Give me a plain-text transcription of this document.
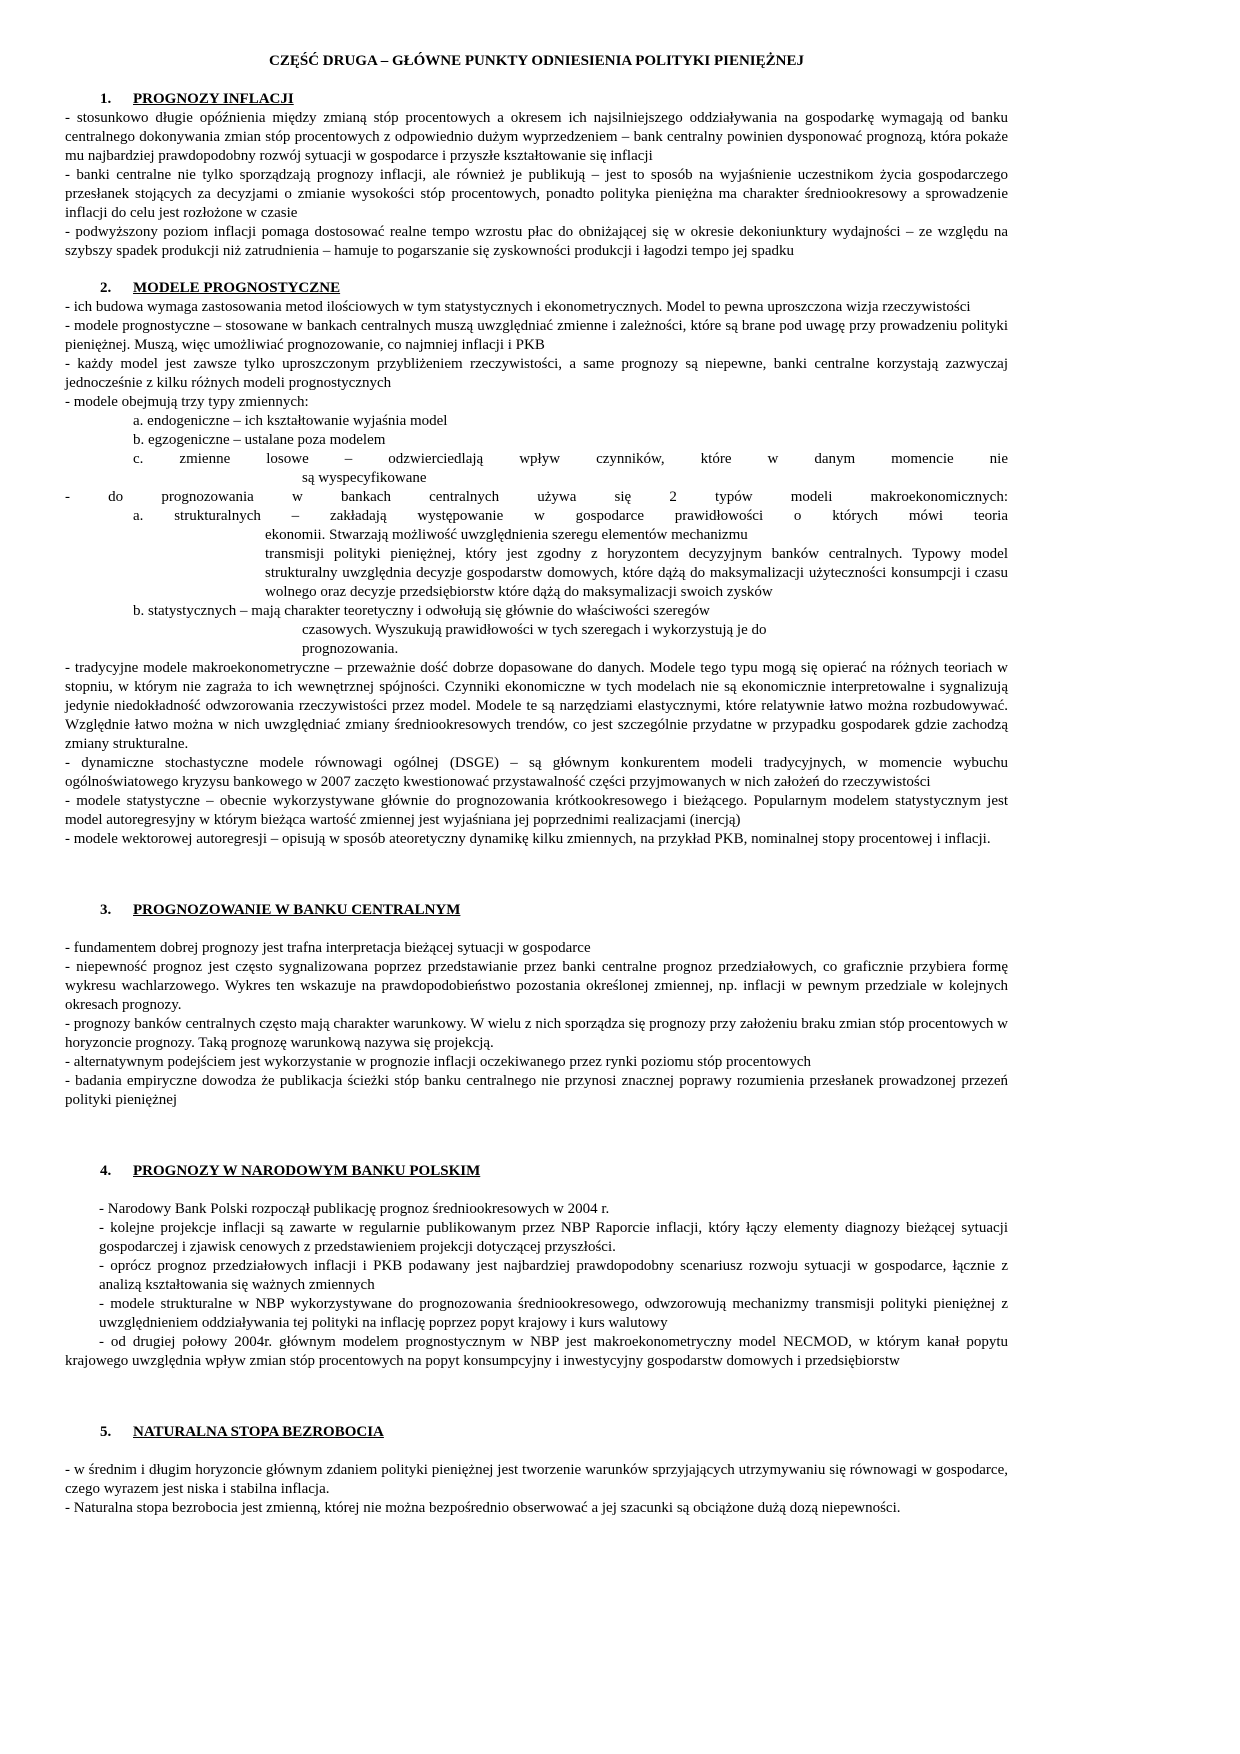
CZĘŚĆ DRUGA – GŁÓWNE PUNKTY ODNIESIENIA POLITYKI PIENIĘŻNEJ
1.	PROGNOZY INFLACJI

- stosunkowo długie opóźnienia między zmianą stóp procentowych a okresem ich najsilniejszego oddziaływania na gospodarkę wymagają od banku centralnego dokonywania zmian stóp procentowych z odpowiednio dużym wyprzedzeniem – bank centralny powinien dysponować prognozą, która pokaże mu najbardziej prawdopodobny rozwój sytuacji w gospodarce i przyszłe kształtowanie się inflacji

- banki centralne nie tylko sporządzają prognozy inflacji, ale również je publikują – jest to sposób na wyjaśnienie uczestnikom życia gospodarczego przesłanek stojących za decyzjami o zmianie wysokości stóp procentowych, ponadto polityka pieniężna ma charakter średniookresowy a sprowadzenie inflacji do celu jest rozłożone w czasie

- podwyższony poziom inflacji pomaga dostosować realne tempo wzrostu płac do obniżającej się w okresie dekoniunktury wydajności – ze względu na szybszy spadek produkcji niż zatrudnienia – hamuje to pogarszanie się zyskowności produkcji i łagodzi tempo jej spadku

2.	MODELE PROGNOSTYCZNE

- ich budowa wymaga zastosowania metod ilościowych w tym statystycznych i ekonometrycznych. Model to pewna uproszczona wizja rzeczywistości

- modele prognostyczne – stosowane w bankach centralnych muszą uwzględniać zmienne i zależności, które są brane pod uwagę przy prowadzeniu polityki pieniężnej. Muszą, więc umożliwiać prognozowanie, co najmniej inflacji i PKB

- każdy model jest zawsze tylko uproszczonym przybliżeniem rzeczywistości, a same prognozy są niepewne, banki centralne korzystają zazwyczaj jednocześnie z kilku różnych modeli prognostycznych

- modele obejmują trzy typy zmiennych:

a. endogeniczne – ich kształtowanie wyjaśnia model

b. egzogeniczne – ustalane poza modelem

c. zmienne losowe – odzwierciedlają wpływ czynników, które w danym momencie nie

są wyspecyfikowane

- do prognozowania w bankach centralnych używa się 2 typów modeli makroekonomicznych:

a. strukturalnych – zakładają występowanie w gospodarce prawidłowości o których mówi teoria

ekonomii. Stwarzają możliwość uwzględnienia szeregu elementów mechanizmu

transmisji polityki pieniężnej, który jest zgodny z horyzontem decyzyjnym banków centralnych. Typowy model strukturalny uwzględnia decyzje gospodarstw domowych, które dążą do maksymalizacji użyteczności konsumpcji i czasu wolnego oraz decyzje przedsiębiorstw które dążą do maksymalizacji swoich zysków

b. statystycznych – mają charakter teoretyczny i odwołują się głównie do właściwości szeregów

czasowych. Wyszukują prawidłowości w tych szeregach i wykorzystują je do

prognozowania.

- tradycyjne modele makroekonometryczne – przeważnie dość dobrze dopasowane do danych. Modele tego typu mogą się opierać na różnych teoriach w stopniu, w którym nie zagraża to ich wewnętrznej spójności. Czynniki ekonomiczne w tych modelach nie są ekonomicznie interpretowalne i sygnalizują jedynie niedokładność odwzorowania rzeczywistości przez model. Modele te są narzędziami elastycznymi, które relatywnie łatwo można rozbudowywać. Względnie łatwo można w nich uwzględniać zmiany średniookresowych trendów, co jest szczególnie przydatne w przypadku gospodarek gdzie zachodzą zmiany strukturalne.

- dynamiczne stochastyczne modele równowagi ogólnej (DSGE) – są głównym konkurentem modeli tradycyjnych, w momencie wybuchu ogólnoświatowego kryzysu bankowego w 2007 zaczęto kwestionować przystawalność części przyjmowanych w nich założeń do rzeczywistości

- modele statystyczne – obecnie wykorzystywane głównie do prognozowania krótkookresowego i bieżącego. Popularnym modelem statystycznym jest model autoregresyjny w którym bieżąca wartość zmiennej jest wyjaśniana jej poprzednimi realizacjami (inercją)

- modele wektorowej autoregresji – opisują w sposób ateoretyczny dynamikę kilku zmiennych, na przykład PKB, nominalnej stopy procentowej i inflacji.

3.	PROGNOZOWANIE W BANKU CENTRALNYM

- fundamentem dobrej prognozy jest trafna interpretacja bieżącej sytuacji w gospodarce

- niepewność prognoz jest często sygnalizowana poprzez przedstawianie przez banki centralne prognoz przedziałowych, co graficznie przybiera formę wykresu wachlarzowego. Wykres ten wskazuje na prawdopodobieństwo pozostania określonej zmiennej, np. inflacji w pewnym przedziale w kolejnych okresach prognozy.

- prognozy banków centralnych często mają charakter warunkowy. W wielu z nich sporządza się prognozy przy założeniu braku zmian stóp procentowych w horyzoncie prognozy. Taką prognozę warunkową nazywa się projekcją.

- alternatywnym podejściem jest wykorzystanie w prognozie inflacji oczekiwanego przez rynki poziomu stóp procentowych

- badania empiryczne dowodza że publikacja ścieżki stóp banku centralnego nie przynosi znacznej poprawy rozumienia przesłanek prowadzonej przezeń polityki pieniężnej

4.	PROGNOZY W NARODOWYM BANKU POLSKIM

- Narodowy Bank Polski rozpoczął publikację prognoz średniookresowych w 2004 r.

- kolejne projekcje inflacji są zawarte w regularnie publikowanym przez NBP Raporcie inflacji, który łączy elementy diagnozy bieżącej sytuacji gospodarczej i zjawisk cenowych z przedstawieniem projekcji dotyczącej przyszłości.

- oprócz prognoz przedziałowych inflacji i PKB podawany jest najbardziej prawdopodobny scenariusz rozwoju sytuacji w gospodarce, łącznie z analizą kształtowania się ważnych zmiennych

- modele strukturalne w NBP wykorzystywane do prognozowania średniookresowego, odwzorowują mechanizmy transmisji polityki pieniężnej z uwzględnieniem oddziaływania tej polityki na inflację poprzez popyt krajowy i kurs walutowy

- od drugiej połowy 2004r. głównym modelem prognostycznym w NBP jest makroekonometryczny model NECMOD, w którym kanał popytu krajowego uwzględnia wpływ zmian stóp procentowych na popyt konsumpcyjny i inwestycyjny gospodarstw domowych i przedsiębiorstw

5.	NATURALNA STOPA BEZROBOCIA

- w średnim i długim horyzoncie głównym zdaniem polityki pieniężnej jest tworzenie warunków sprzyjających utrzymywaniu się równowagi w gospodarce, czego wyrazem jest niska i stabilna inflacja.

- Naturalna stopa bezrobocia jest zmienną, której nie można bezpośrednio obserwować a jej szacunki są obciążone dużą dozą niepewności.
